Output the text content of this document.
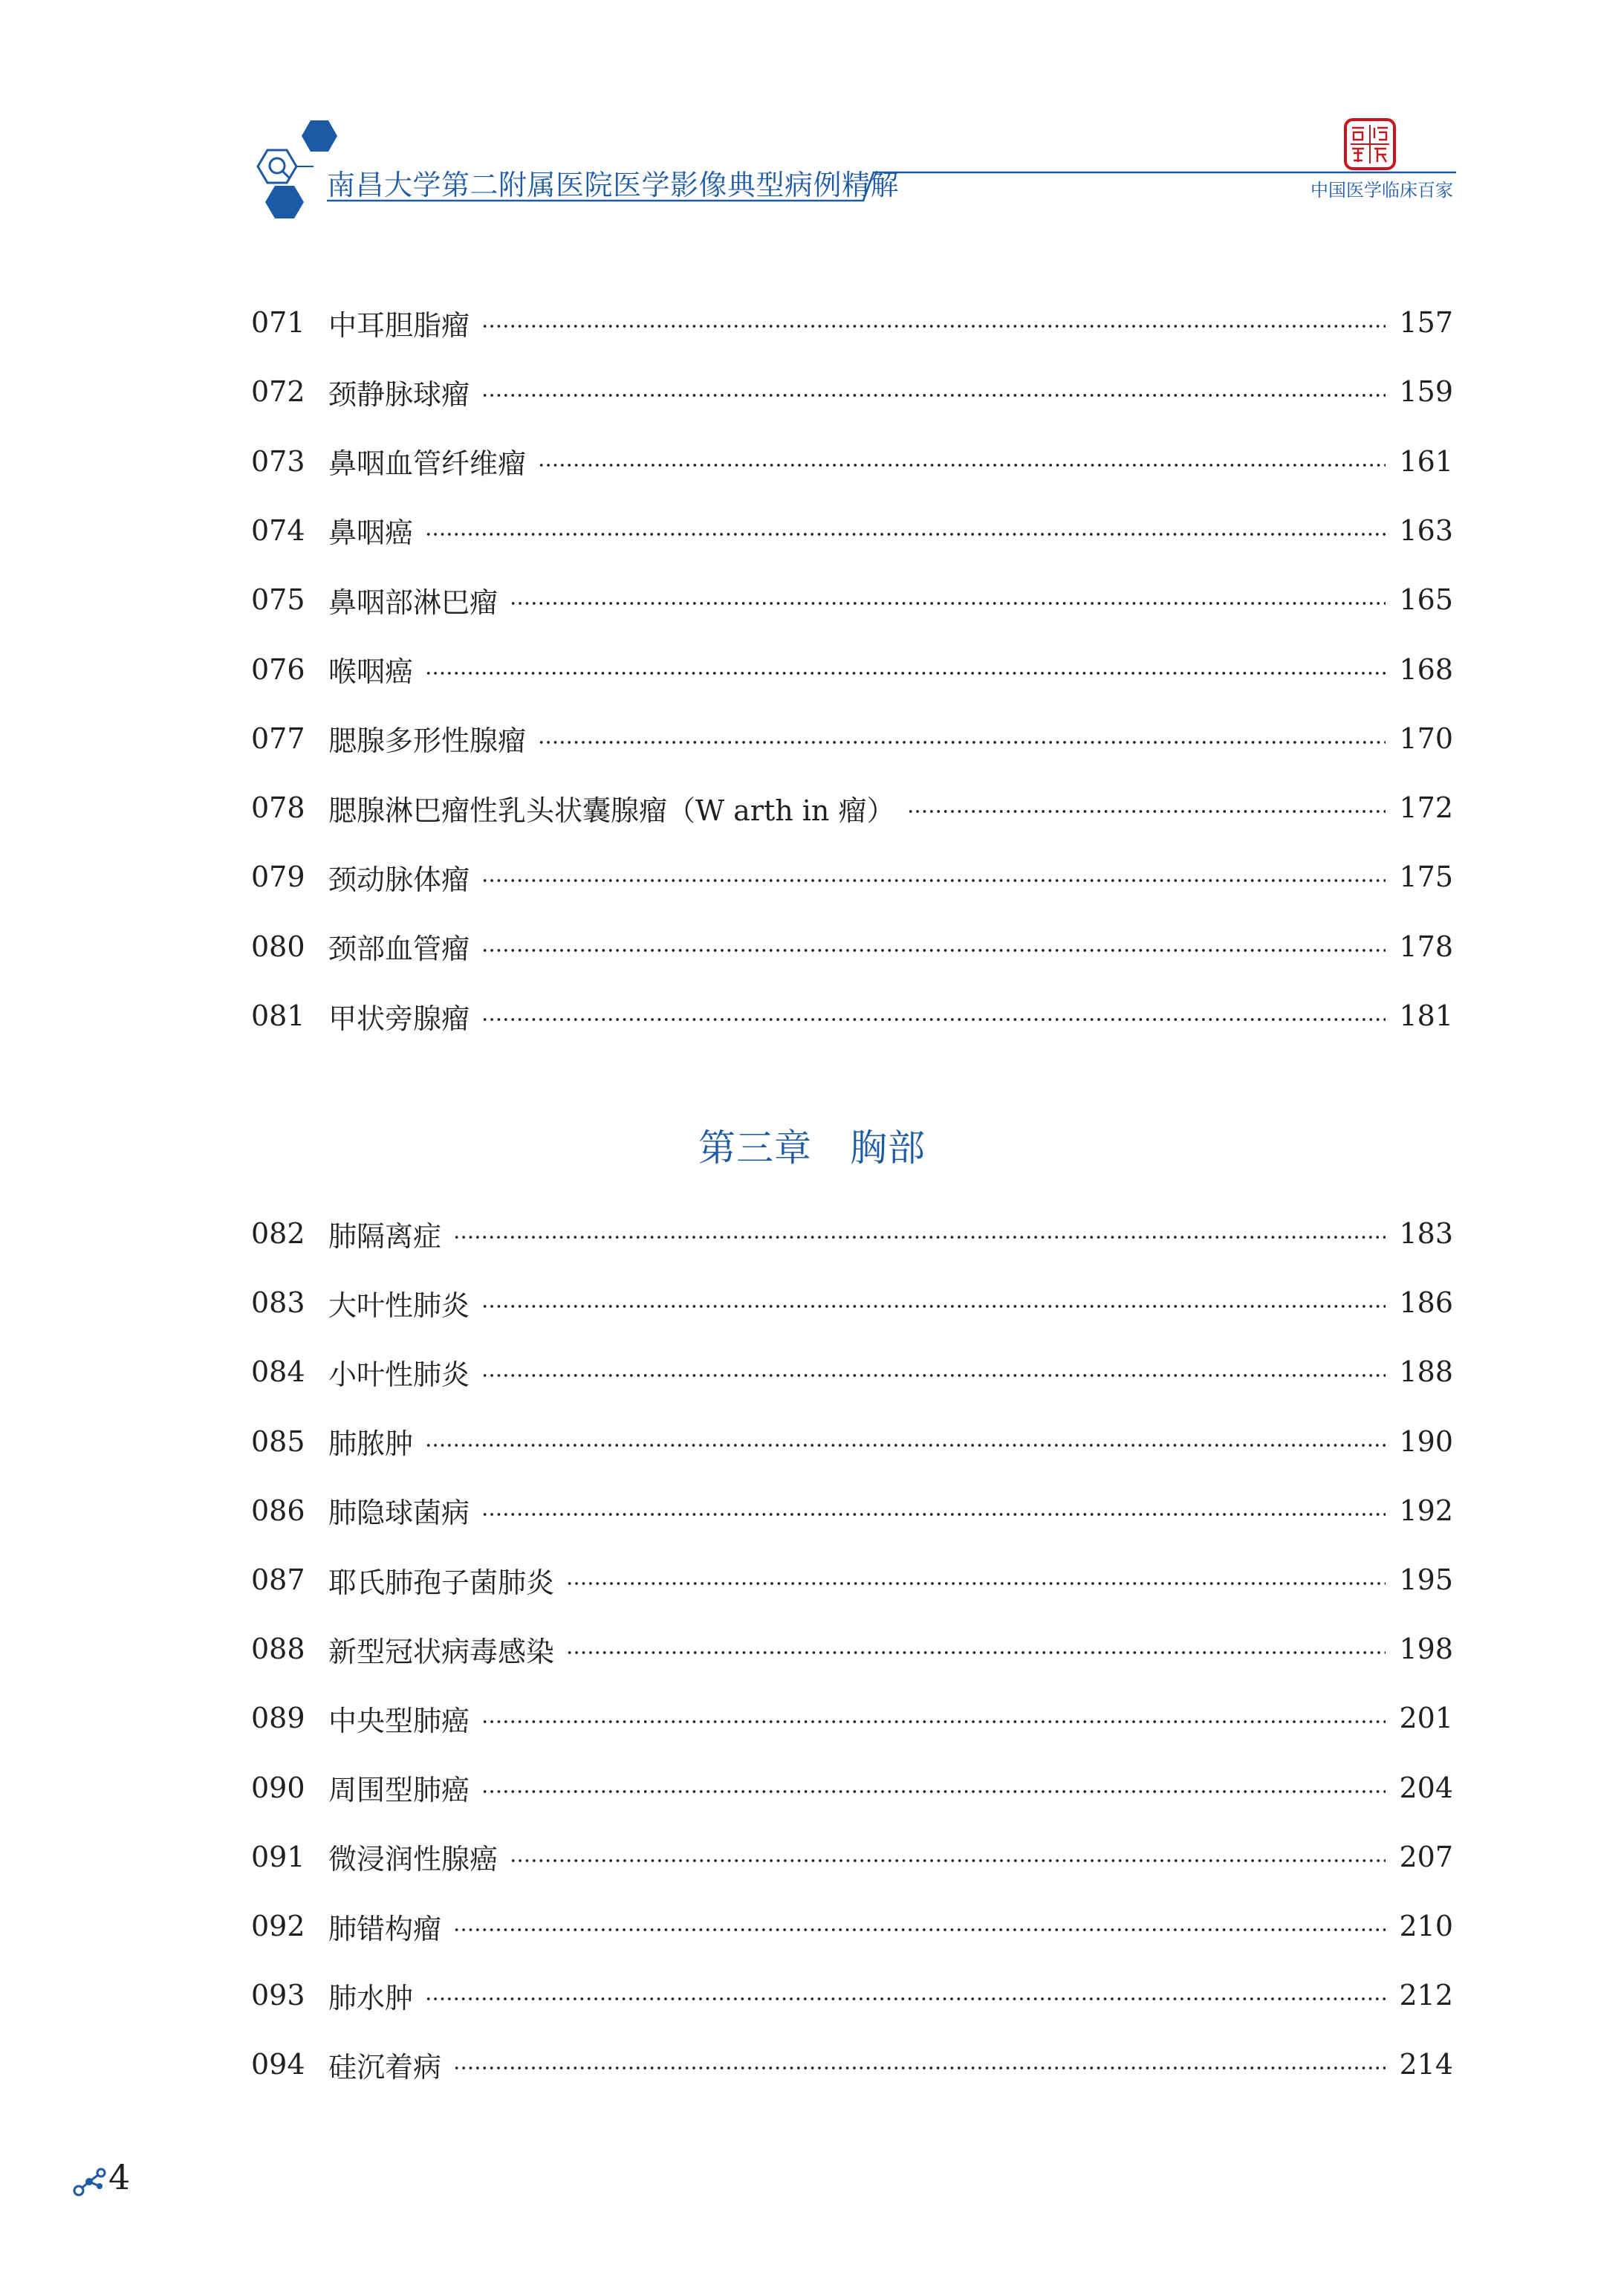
南昌大学第二附属医院医学影像典型病例精解	中国医学临床百家
071 中耳胆脂瘤	157
072 颈静脉球瘤	159
073 鼻咽血管纤维瘤	161
074 鼻咽癌	163
075 鼻咽部淋巴瘤	165
076 喉咽癌	168
077 腮腺多形性腺瘤	170
078 腮腺淋巴瘤性乳头状囊腺瘤（W arth in 瘤）	172
079 颈动脉体瘤	175
080 颈部血管瘤	178
081 甲状旁腺瘤	181
第三章　胸部
082 肺隔离症	183
083 大叶性肺炎	186
084 小叶性肺炎	188
085 肺脓肿	190
086 肺隐球菌病	192
087 耶氏肺孢子菌肺炎	195
088 新型冠状病毒感染	198
089 中央型肺癌	201
090 周围型肺癌	204
091 微浸润性腺癌	207
092 肺错构瘤	210
093 肺水肿	212
094 硅沉着病	214
4
